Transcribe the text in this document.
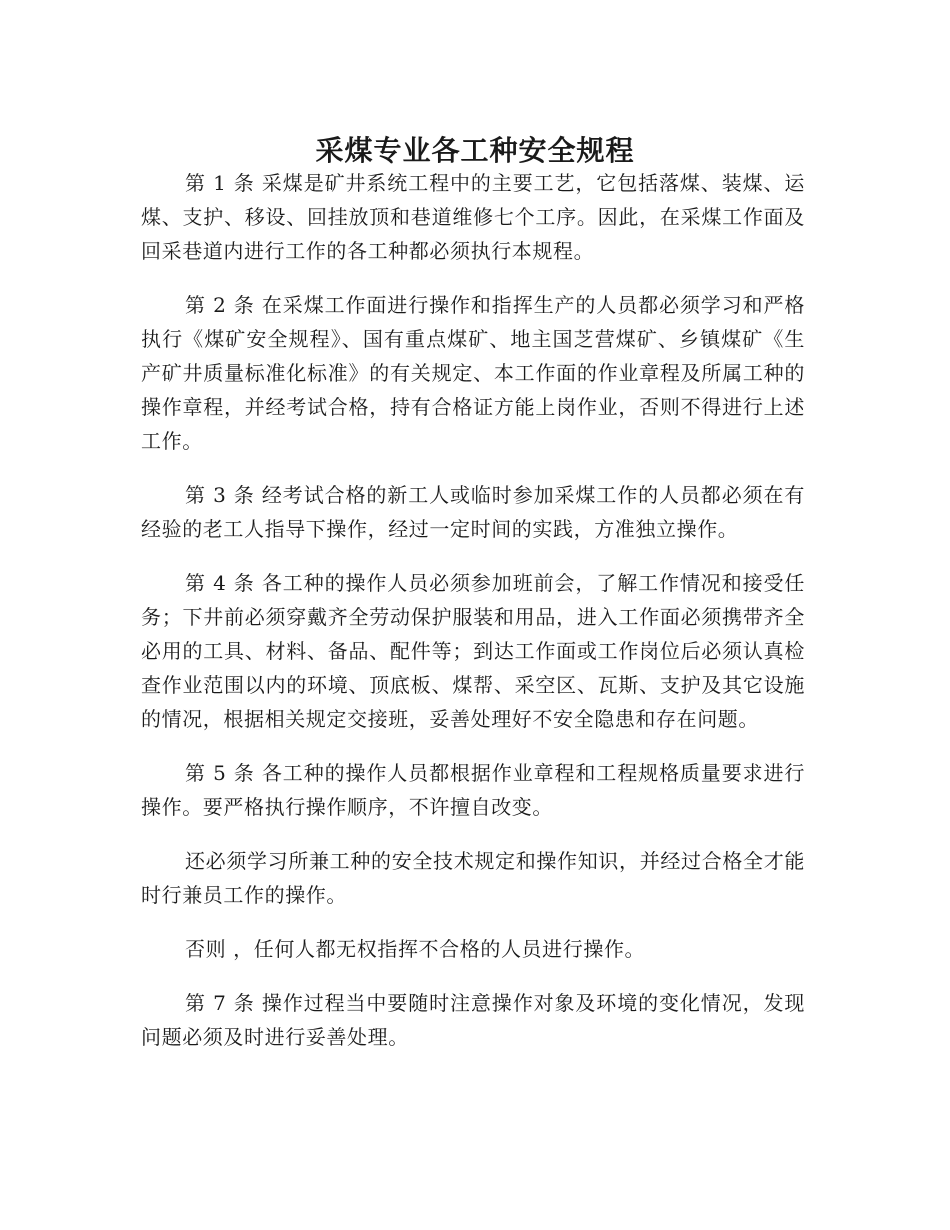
采煤专业各工种安全规程

第 1 条 采煤是矿井系统工程中的主要工艺，它包括落煤、装煤、运煤、支护、移设、回挂放顶和巷道维修七个工序。因此，在采煤工作面及回采巷道内进行工作的各工种都必须执行本规程。

第 2 条 在采煤工作面进行操作和指挥生产的人员都必须学习和严格执行《煤矿安全规程》、国有重点煤矿、地主国芝营煤矿、乡镇煤矿《生产矿井质量标准化标准》的有关规定、本工作面的作业章程及所属工种的操作章程，并经考试合格，持有合格证方能上岗作业，否则不得进行上述工作。

第 3 条 经考试合格的新工人或临时参加采煤工作的人员都必须在有经验的老工人指导下操作，经过一定时间的实践，方准独立操作。

第 4 条 各工种的操作人员必须参加班前会，了解工作情况和接受任务；下井前必须穿戴齐全劳动保护服装和用品，进入工作面必须携带齐全必用的工具、材料、备品、配件等；到达工作面或工作岗位后必须认真检查作业范围以内的环境、顶底板、煤帮、采空区、瓦斯、支护及其它设施的情况，根据相关规定交接班，妥善处理好不安全隐患和存在问题。

第 5 条 各工种的操作人员都根据作业章程和工程规格质量要求进行操作。要严格执行操作顺序，不许擅自改变。

还必须学习所兼工种的安全技术规定和操作知识，并经过合格全才能时行兼员工作的操作。

否则 ，任何人都无权指挥不合格的人员进行操作。

第 7 条 操作过程当中要随时注意操作对象及环境的变化情况，发现问题必须及时进行妥善处理。
